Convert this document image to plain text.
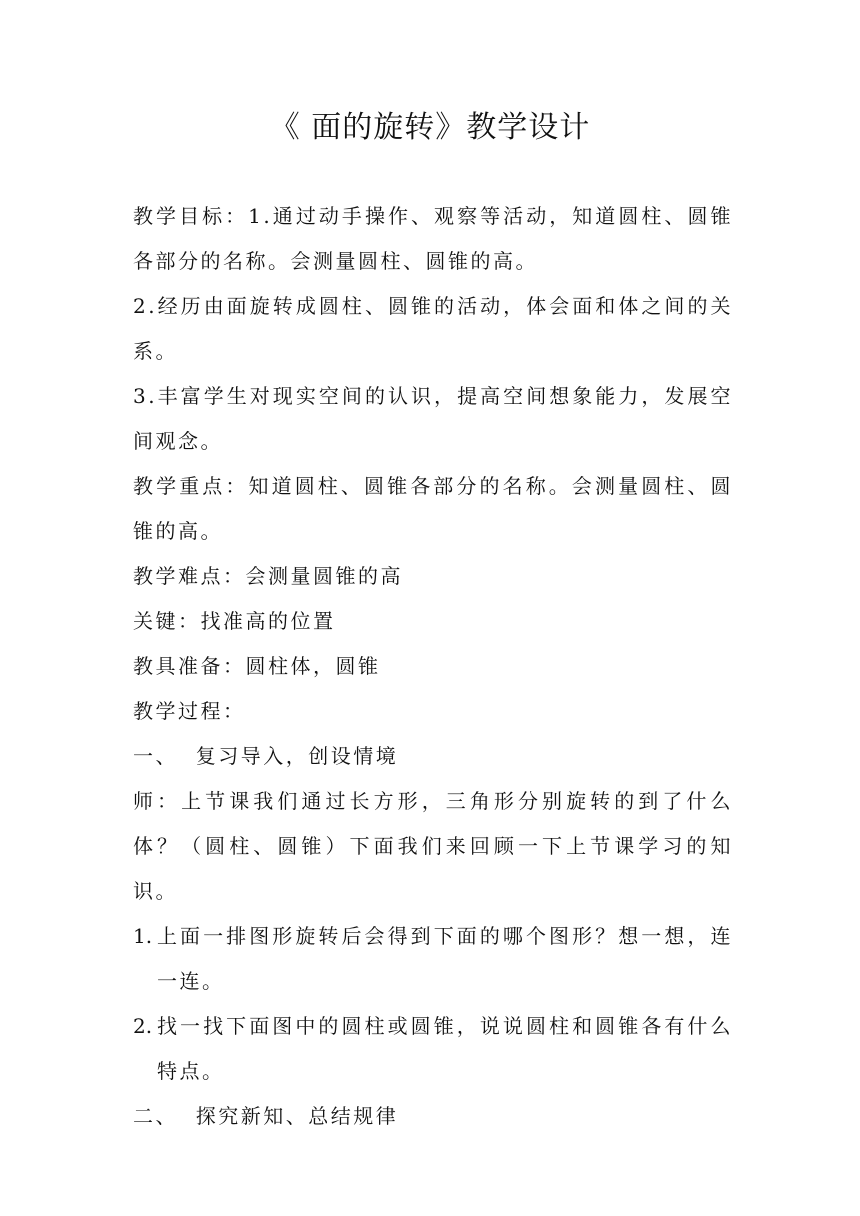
《 面的旋转》教学设计

教学目标：1.通过动手操作、观察等活动，知道圆柱、圆锥各部分的名称。会测量圆柱、圆锥的高。

2.经历由面旋转成圆柱、圆锥的活动，体会面和体之间的关系。

3.丰富学生对现实空间的认识，提高空间想象能力，发展空间观念。

教学重点：知道圆柱、圆锥各部分的名称。会测量圆柱、圆锥的高。

教学难点：会测量圆锥的高

关键：找准高的位置

教具准备：圆柱体，圆锥

教学过程：

一、  复习导入，创设情境

师：上节课我们通过长方形，三角形分别旋转的到了什么体？（圆柱、圆锥）下面我们来回顾一下上节课学习的知识。

1. 上面一排图形旋转后会得到下面的哪个图形？想一想，连一连。
2. 找一找下面图中的圆柱或圆锥，说说圆柱和圆锥各有什么特点。

二、  探究新知、总结规律
